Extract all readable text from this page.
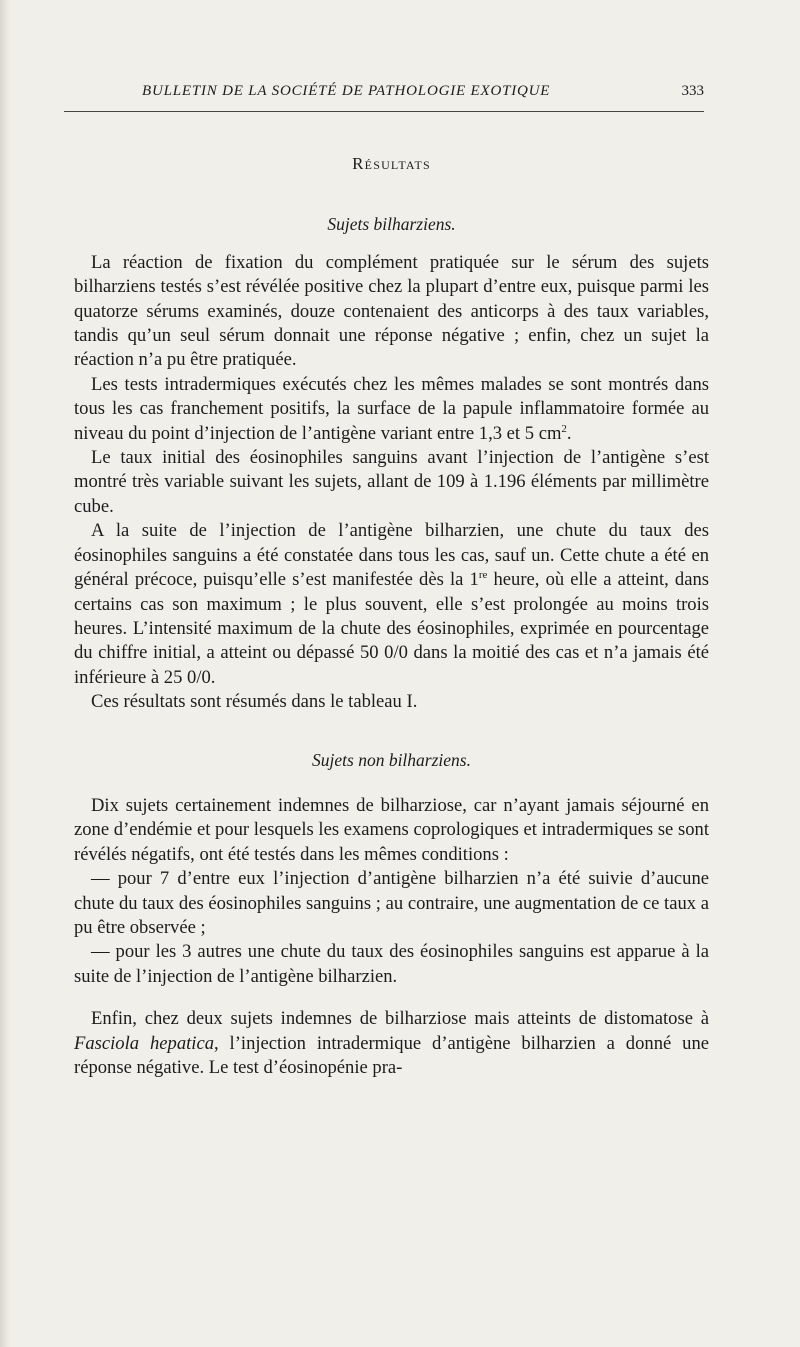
BULLETIN DE LA SOCIÉTÉ DE PATHOLOGIE EXOTIQUE	333
Résultats
Sujets bilharziens.

La réaction de fixation du complément pratiquée sur le sérum des sujets bilharziens testés s’est révélée positive chez la plupart d’entre eux, puisque parmi les quatorze sérums examinés, douze contenaient des anticorps à des taux variables, tandis qu’un seul sérum donnait une réponse négative ; enfin, chez un sujet la réaction n’a pu être pratiquée.

Les tests intradermiques exécutés chez les mêmes malades se sont montrés dans tous les cas franchement positifs, la surface de la papule inflammatoire formée au niveau du point d’injection de l’antigène variant entre 1,3 et 5 $cm^2$.

Le taux initial des éosinophiles sanguins avant l’injection de l’antigène s’est montré très variable suivant les sujets, allant de 109 à 1.196 éléments par millimètre cube.

A la suite de l’injection de l’antigène bilharzien, une chute du taux des éosinophiles sanguins a été constatée dans tous les cas, sauf un. Cette chute a été en général précoce, puisqu’elle s’est manifestée dès la 1re heure, où elle a atteint, dans certains cas son maximum ; le plus souvent, elle s’est prolongée au moins trois heures. L’intensité maximum de la chute des éosinophiles, exprimée en pourcentage du chiffre initial, a atteint ou dépassé 50 0/0 dans la moitié des cas et n’a jamais été inférieure à 25 0/0.

Ces résultats sont résumés dans le tableau I.

Sujets non bilharziens.

Dix sujets certainement indemnes de bilharziose, car n’ayant jamais séjourné en zone d’endémie et pour lesquels les examens coprologiques et intradermiques se sont révélés négatifs, ont été testés dans les mêmes conditions :

— pour 7 d’entre eux l’injection d’antigène bilharzien n’a été suivie d’aucune chute du taux des éosinophiles sanguins ; au contraire, une augmentation de ce taux a pu être observée ;

— pour les 3 autres une chute du taux des éosinophiles sanguins est apparue à la suite de l’injection de l’antigène bilharzien.

Enfin, chez deux sujets indemnes de bilharziose mais atteints de distomatose à Fasciola hepatica, l’injection intradermique d’antigène bilharzien a donné une réponse négative. Le test d’éosinopénie pra-
